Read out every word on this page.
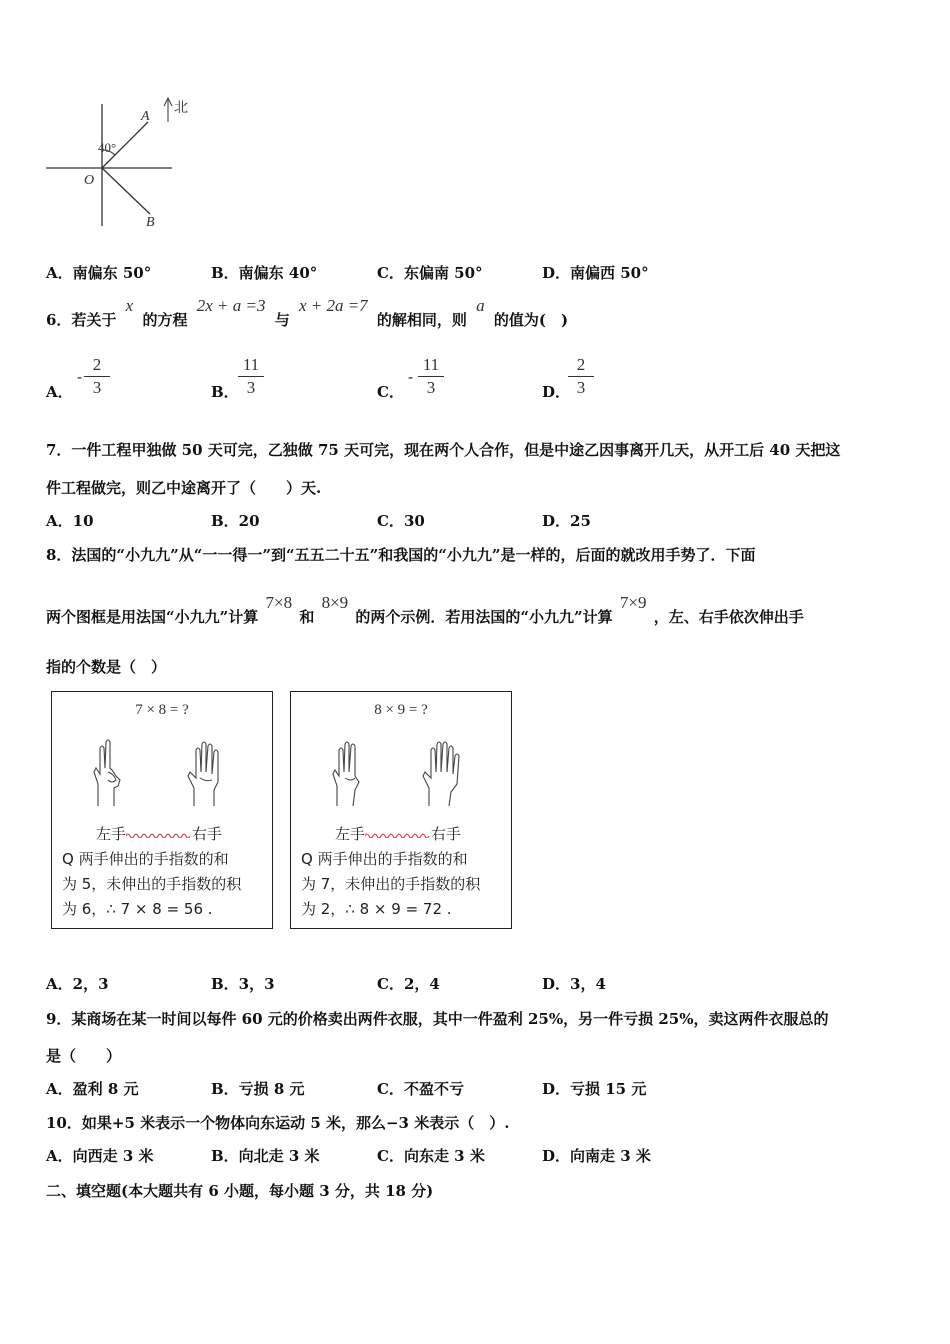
北
A
B
O
40°
A．南偏东 50°	B．南偏东 40°	C．东偏南 50°	D．南偏西 50°
6．若关于 x 的方程 2x + a =3 与 x + 2a =7 的解相同，则 a 的值为(　)
A．
- $\frac{2}{3}$	B． $\frac{11}{3}$	C．
- $\frac{11}{3}$	D．
$\frac{2}{3}$
7．一件工程甲独做 50 天可完，乙独做 75 天可完，现在两个人合作，但是中途乙因事离开几天，从开工后 40 天把这
件工程做完，则乙中途离开了（　　）天.
A．10	B．20	C．30	D．25
8．法国的“小九九”从“一一得一”到“五五二十五”和我国的“小九九”是一样的，后面的就改用手势了．下面
两个图框是用法国“小九九”计算 7×8 和 8×9 的两个示例．若用法国的“小九九”计算 7×9 ，左、右手依次伸出手
指的个数是（　）
7 × 8 = ?
左手	右手
Q 两手伸出的手指数的和
为 5，未伸出的手指数的积
为 6，∴ 7 × 8 = 56 .
8 × 9 = ?
左手	右手
Q 两手伸出的手指数的和
为 7，未伸出的手指数的积
为 2，∴ 8 × 9 = 72 .
A．2，3	B．3，3	C．2，4	D．3，4
9．某商场在某一时间以每件 60 元的价格卖出两件衣服，其中一件盈利 25%，另一件亏损 25%，卖这两件衣服总的
是（　　）
A．盈利 8 元	B．亏损 8 元	C．不盈不亏	D．亏损 15 元
10．如果+5 米表示一个物体向东运动 5 米，那么−3 米表示（　）.
A．向西走 3 米	B．向北走 3 米	C．向东走 3 米	D．向南走 3 米
二、填空题(本大题共有 6 小题，每小题 3 分，共 18 分)
